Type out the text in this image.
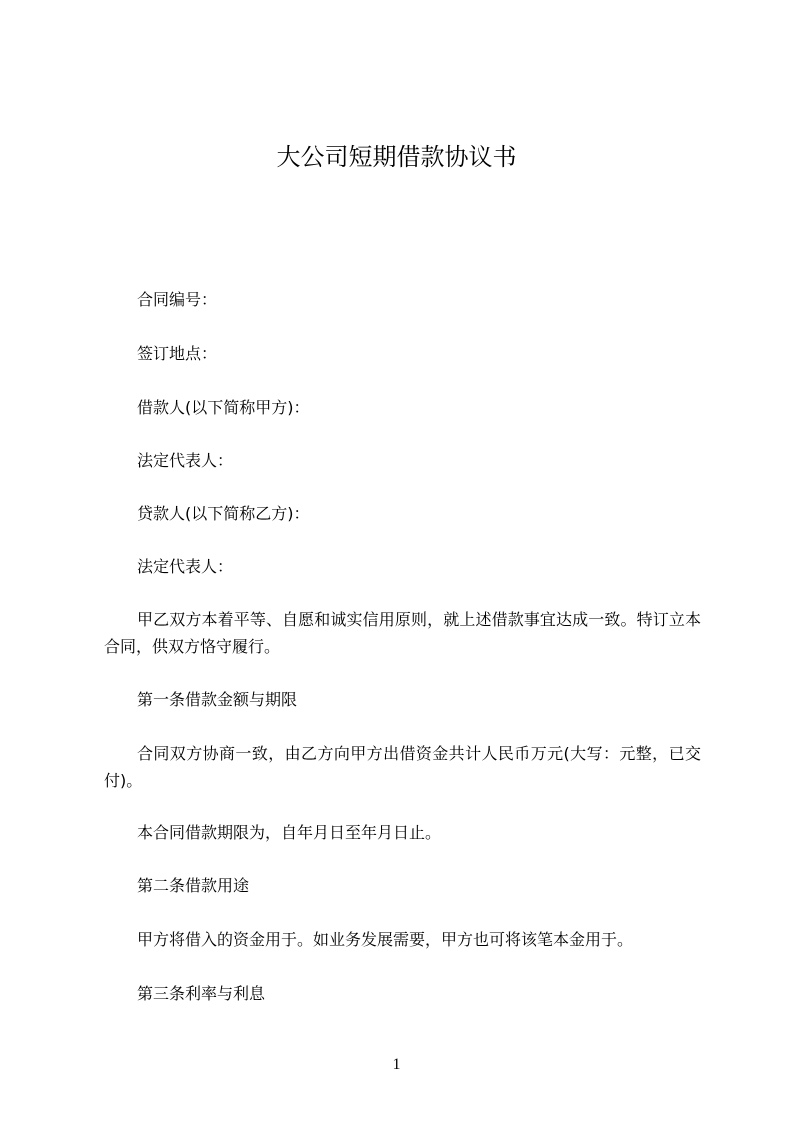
大公司短期借款协议书

合同编号：

签订地点：

借款人(以下简称甲方)：

法定代表人：

贷款人(以下简称乙方)：

法定代表人：

甲乙双方本着平等、自愿和诚实信用原则，就上述借款事宜达成一致。特订立本
合同，供双方恪守履行。

第一条借款金额与期限

合同双方协商一致，由乙方向甲方出借资金共计人民币万元(大写：元整，已交
付)。

本合同借款期限为，自年月日至年月日止。

第二条借款用途

甲方将借入的资金用于。如业务发展需要，甲方也可将该笔本金用于。

第三条利率与利息

1
